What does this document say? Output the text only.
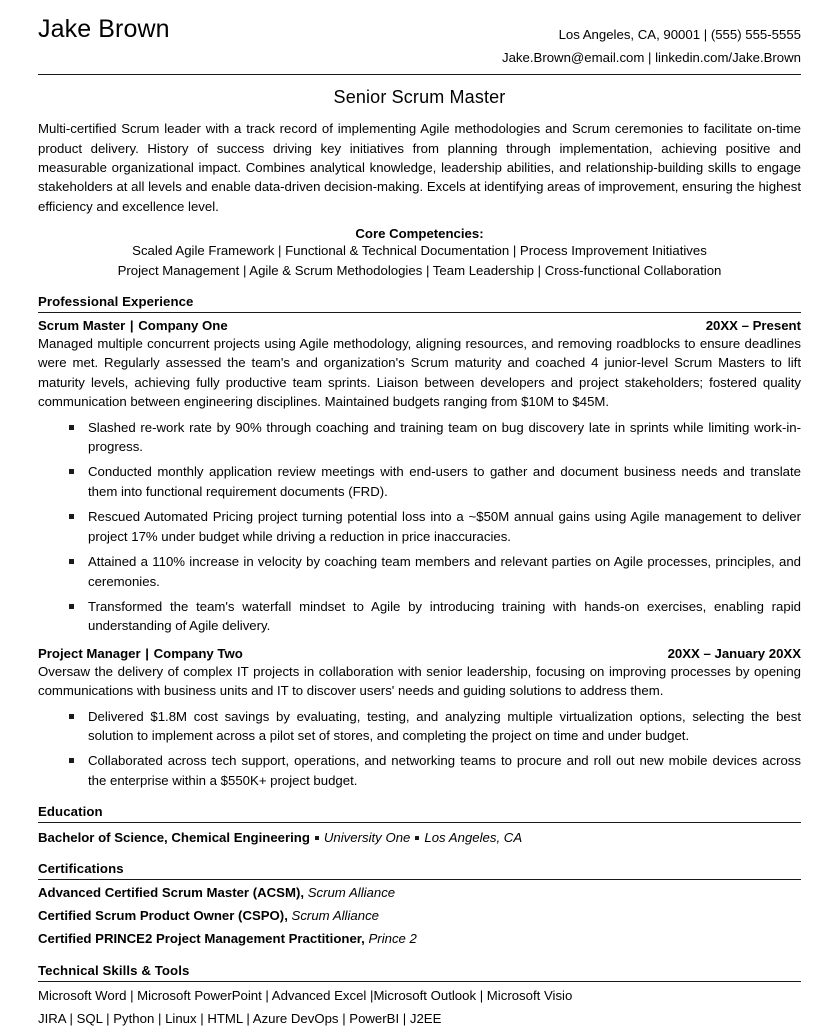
Jake Brown	Los Angeles, CA, 90001 | (555) 555-5555
Jake.Brown@email.com | linkedin.com/Jake.Brown
Senior Scrum Master
Multi-certified Scrum leader with a track record of implementing Agile methodologies and Scrum ceremonies to facilitate on-time product delivery. History of success driving key initiatives from planning through implementation, achieving positive and measurable organizational impact. Combines analytical knowledge, leadership abilities, and relationship-building skills to engage stakeholders at all levels and enable data-driven decision-making. Excels at identifying areas of improvement, ensuring the highest efficiency and excellence level.
Core Competencies:
Scaled Agile Framework | Functional & Technical Documentation | Process Improvement Initiatives
Project Management | Agile & Scrum Methodologies | Team Leadership | Cross-functional Collaboration
Professional Experience
Scrum Master | Company One	20XX – Present
Managed multiple concurrent projects using Agile methodology, aligning resources, and removing roadblocks to ensure deadlines were met. Regularly assessed the team's and organization's Scrum maturity and coached 4 junior-level Scrum Masters to lift maturity levels, achieving fully productive team sprints. Liaison between developers and project stakeholders; fostered quality communication between engineering disciplines. Maintained budgets ranging from $10M to $45M.
Slashed re-work rate by 90% through coaching and training team on bug discovery late in sprints while limiting work-in-progress.
Conducted monthly application review meetings with end-users to gather and document business needs and translate them into functional requirement documents (FRD).
Rescued Automated Pricing project turning potential loss into a ~$50M annual gains using Agile management to deliver project 17% under budget while driving a reduction in price inaccuracies.
Attained a 110% increase in velocity by coaching team members and relevant parties on Agile processes, principles, and ceremonies.
Transformed the team's waterfall mindset to Agile by introducing training with hands-on exercises, enabling rapid understanding of Agile delivery.
Project Manager | Company Two	20XX – January 20XX
Oversaw the delivery of complex IT projects in collaboration with senior leadership, focusing on improving processes by opening communications with business units and IT to discover users' needs and guiding solutions to address them.
Delivered $1.8M cost savings by evaluating, testing, and analyzing multiple virtualization options, selecting the best solution to implement across a pilot set of stores, and completing the project on time and under budget.
Collaborated across tech support, operations, and networking teams to procure and roll out new mobile devices across the enterprise within a $550K+ project budget.
Education
Bachelor of Science, Chemical Engineering University One Los Angeles, CA
Certifications
Advanced Certified Scrum Master (ACSM), Scrum Alliance
Certified Scrum Product Owner (CSPO), Scrum Alliance
Certified PRINCE2 Project Management Practitioner, Prince 2
Technical Skills & Tools
Microsoft Word | Microsoft PowerPoint | Advanced Excel |Microsoft Outlook | Microsoft Visio
JIRA | SQL | Python | Linux | HTML | Azure DevOps | PowerBI | J2EE
